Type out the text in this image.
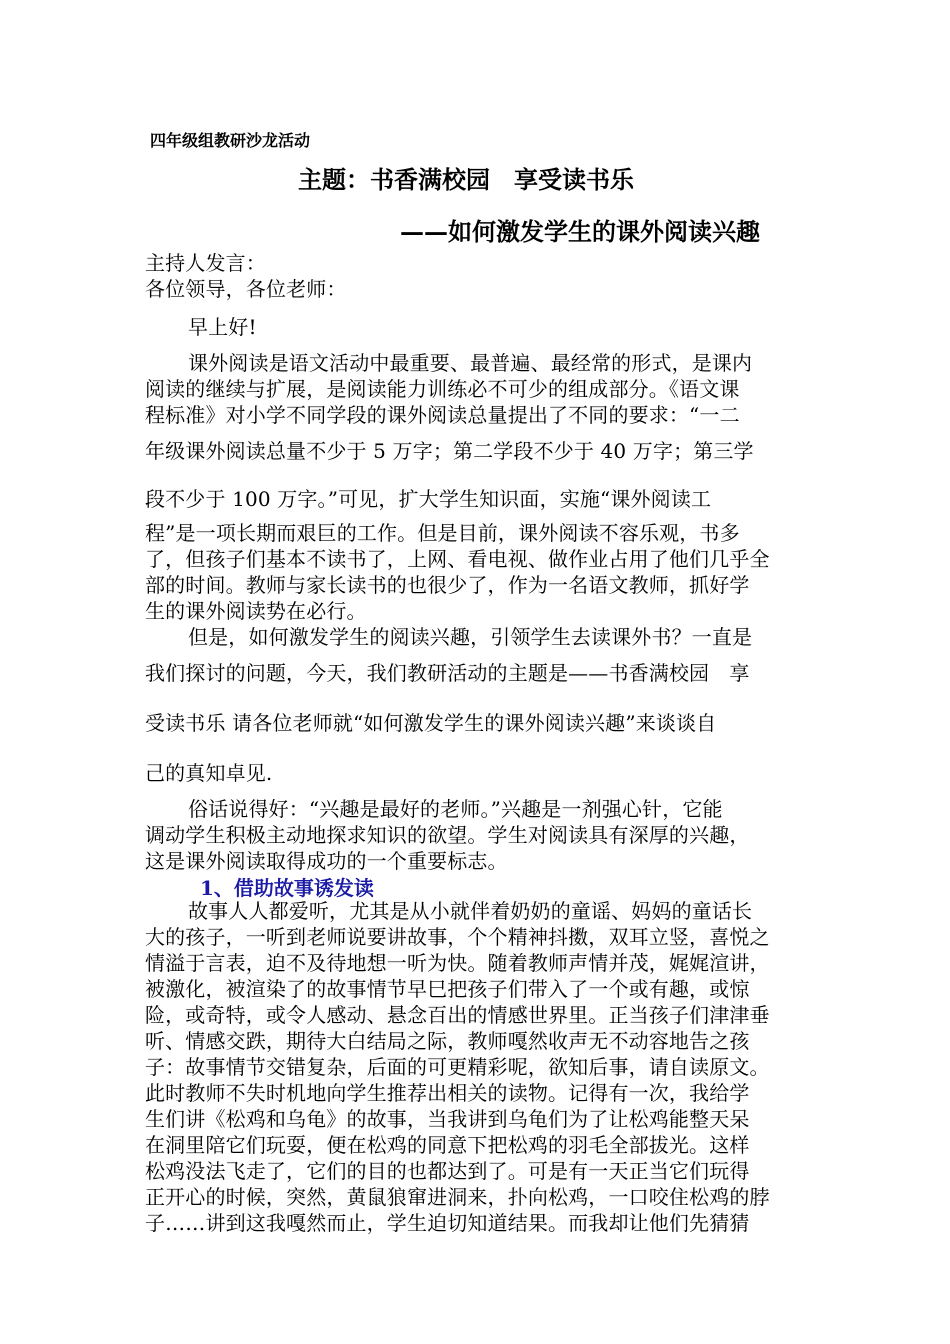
四年级组教研沙龙活动

主题：书香满校园　享受读书乐

——如何激发学生的课外阅读兴趣

主持人发言：

各位领导，各位老师：

早上好!

课外阅读是语文活动中最重要、最普遍、最经常的形式，是课内

阅读的继续与扩展，是阅读能力训练必不可少的组成部分。《语文课

程标准》对小学不同学段的课外阅读总量提出了不同的要求：“一二

年级课外阅读总量不少于 5 万字；第二学段不少于 40 万字；第三学

段不少于 100 万字。”可见，扩大学生知识面，实施“课外阅读工

程”是一项长期而艰巨的工作。但是目前，课外阅读不容乐观，书多

了，但孩子们基本不读书了，上网、看电视、做作业占用了他们几乎全

部的时间。教师与家长读书的也很少了，作为一名语文教师，抓好学

生的课外阅读势在必行。

但是，如何激发学生的阅读兴趣，引领学生去读课外书？一直是

我们探讨的问题，今天，我们教研活动的主题是——书香满校园　享

受读书乐 请各位老师就“如何激发学生的课外阅读兴趣”来谈谈自

己的真知卓见.

俗话说得好：“兴趣是最好的老师。”兴趣是一剂强心针，它能

调动学生积极主动地探求知识的欲望。学生对阅读具有深厚的兴趣，

这是课外阅读取得成功的一个重要标志。

1、借助故事诱发读

故事人人都爱听，尤其是从小就伴着奶奶的童谣、妈妈的童话长

大的孩子，一听到老师说要讲故事，个个精神抖擞，双耳立竖，喜悦之

情溢于言表，迫不及待地想一听为快。随着教师声情并茂，娓娓渲讲，

被激化，被渲染了的故事情节早巳把孩子们带入了一个或有趣，或惊

险，或奇特，或令人感动、悬念百出的情感世界里。正当孩子们津津垂

听、情感交跌，期待大白结局之际，教师嘎然收声无不动容地告之孩

子：故事情节交错复杂，后面的可更精彩呢，欲知后事，请自读原文。

此时教师不失时机地向学生推荐出相关的读物。记得有一次，我给学

生们讲《松鸡和乌龟》的故事，当我讲到乌龟们为了让松鸡能整天呆

在洞里陪它们玩耍，便在松鸡的同意下把松鸡的羽毛全部拔光。这样

松鸡没法飞走了，它们的目的也都达到了。可是有一天正当它们玩得

正开心的时候，突然，黄鼠狼窜进洞来，扑向松鸡，一口咬住松鸡的脖

子……讲到这我嘎然而止，学生迫切知道结果。而我却让他们先猜猜
